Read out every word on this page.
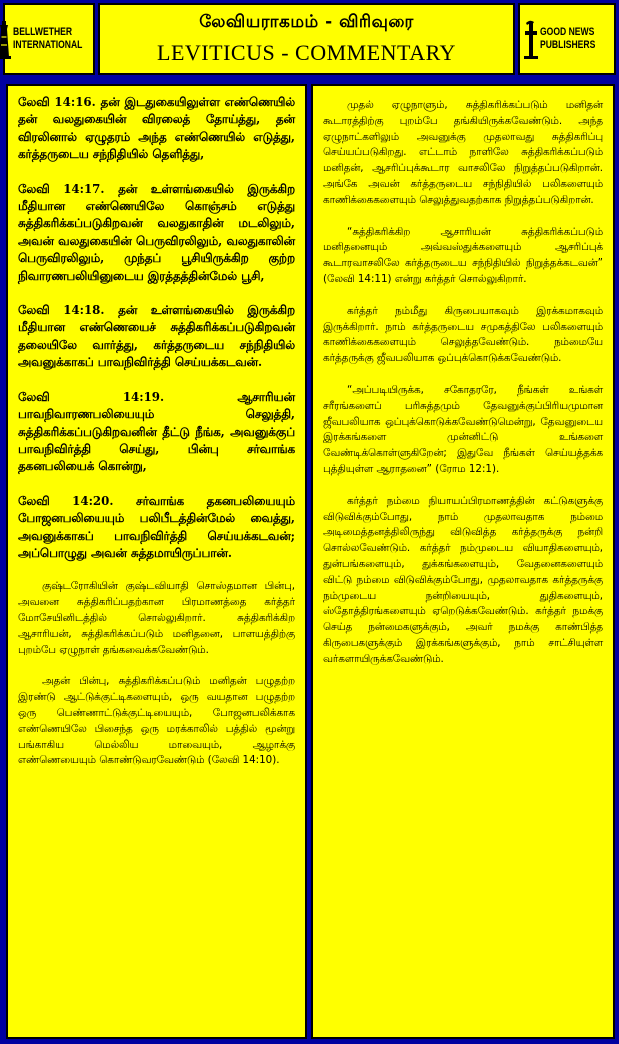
BELLWETHER
INTERNATIONAL
லேவியராகமம் - விரிவுரை
LEVITICUS - COMMENTARY
GOOD NEWS
PUBLISHERS

லேவி 14:16. தன் இடதுகையிலுள்ள எண்ணெயில் தன் வலதுகையின் விரலைத் தோய்த்து, தன் விரலினால் ஏழுதரம் அந்த எண்ணெயில் எடுத்து, கர்த்தருடைய சந்நிதியில் தெளித்து,

லேவி 14:17. தன் உள்ளங்கையில் இருக்கிற மீதியான எண்ணெயிலே கொஞ்சம் எடுத்து சுத்திகரிக்கப்படுகிறவன் வலதுகாதின் மடலிலும், அவன் வலதுகையின் பெருவிரலிலும், வலதுகாலின் பெருவிரலிலும், முந்தப் பூசியிருக்கிற குற்ற நிவாரணபலியினுடைய இரத்தத்தின்மேல் பூசி,

லேவி 14:18. தன் உள்ளங்கையில் இருக்கிற மீதியான எண்ணெயைச் சுத்திகரிக்கப்படுகிறவன் தலையிலே வார்த்து, கர்த்தருடைய சந்நிதியில் அவனுக்காகப் பாவநிவிர்த்தி செய்யக்கடவன்.

லேவி 14:19. ஆசாரியன் பாவநிவாரணபலியையும் செலுத்தி, சுத்திகரிக்கப்படுகிறவனின் தீட்டு நீங்க, அவனுக்குப் பாவநிவிர்த்தி செய்து, பின்பு சர்வாங்க தகனபலியைக் கொன்று,

லேவி 14:20. சர்வாங்க தகனபலியையும் போஜனபலியையும் பலிபீடத்தின்மேல் வைத்து, அவனுக்காகப் பாவநிவிர்த்தி செய்யக்கடவன்; அப்பொழுது அவன் சுத்தமாயிருப்பான்.

குஷ்டரோகியின் குஷ்டவியாதி சொஸ்தமான பின்பு, அவனை சுத்திகரிப்பதற்கான பிரமாணத்தை கர்த்தர் மோசேயினிடத்தில் சொல்லுகிறார். சுத்திகரிக்கிற ஆசாரியன், சுத்திகரிக்கப்படும் மனிதனை, பாளயத்திற்கு புறம்பே ஏழுநாள் தங்கவைக்கவேண்டும்.

அதன் பின்பு, சுத்திகரிக்கப்படும் மனிதன் பழுதற்ற இரண்டு ஆட்டுக்குட்டிகளையும், ஒரு வயதான பழுதற்ற ஒரு பெண்ணாட்டுக்குட்டியையும், போஜனபலிக்காக எண்ணெயிலே பிசைந்த ஒரு மரக்காலில் பத்தில் மூன்று பங்காகிய மெல்லிய மாவையும், ஆழாக்கு எண்ணெயையும் கொண்டுவரவேண்டும் (லேவி 14:10).

முதல் ஏழுநாளும், சுத்திகரிக்கப்படும் மனிதன் கூடாரத்திற்கு புறம்பே தங்கியிருக்கவேண்டும். அந்த ஏழுநாட்களிலும் அவனுக்கு முதலாவது சுத்திகரிப்பு செய்யப்படுகிறது. எட்டாம் நாளிலே சுத்திகரிக்கப்படும் மனிதன், ஆசரிப்புக்கூடார வாசலிலே நிறுத்தப்படுகிறான். அங்கே அவன் கர்த்தருடைய சந்நிதியில் பலிகளையும் காணிக்கைகளையும் செலுத்துவதற்காக நிறுத்தப்படுகிறான்.

“சுத்திகரிக்கிற ஆசாரியன் சுத்திகரிக்கப்படும் மனிதனையும் அவ்வஸ்துக்களையும் ஆசரிப்புக் கூடாரவாசலிலே கர்த்தருடைய சந்நிதியில் நிறுத்தக்கடவன்” (லேவி 14:11) என்று கர்த்தர் சொல்லுகிறார்.

கர்த்தர் நம்மீது கிருபையாகவும் இரக்கமாகவும் இருக்கிறார். நாம் கர்த்தருடைய சமுகத்திலே பலிகளையும் காணிக்கைகளையும் செலுத்தவேண்டும். நம்மையே கர்த்தருக்கு ஜீவபலியாக ஒப்புக்கொடுக்கவேண்டும்.

“அப்படியிருக்க, சகோதரரே, நீங்கள் உங்கள் சரீரங்களைப் பரிசுத்தமும் தேவனுக்குப்பிரியமுமான ஜீவபலியாக ஒப்புக்கொடுக்கவேண்டுமென்று, தேவனுடைய இரக்கங்களை முன்னிட்டு உங்களை வேண்டிக்கொள்ளுகிறேன்; இதுவே நீங்கள் செய்யத்தக்க புத்தியுள்ள ஆராதனை” (ரோம 12:1).

கர்த்தர் நம்மை நியாயப்பிரமாணத்தின் கட்டுகளுக்கு விடுவிக்கும்போது, நாம் முதலாவதாக நம்மை அடிமைத்தனத்திலிருந்து விடுவித்த கர்த்தருக்கு நன்றி சொல்லவேண்டும். கர்த்தர் நம்முடைய வியாதிகளையும், துன்பங்களையும், துக்கங்களையும், வேதனைகளையும் விட்டு நம்மை விடுவிக்கும்போது, முதலாவதாக கர்த்தருக்கு நம்முடைய நன்றியையும், துதிகளையும், ஸ்தோத்திரங்களையும் ஏறெடுக்கவேண்டும். கர்த்தர் நமக்கு செய்த நன்மைகளுக்கும், அவர் நமக்கு காண்பித்த கிருபைகளுக்கும் இரக்கங்களுக்கும், நாம் சாட்சியுள்ள வர்களாயிருக்கவேண்டும்.
